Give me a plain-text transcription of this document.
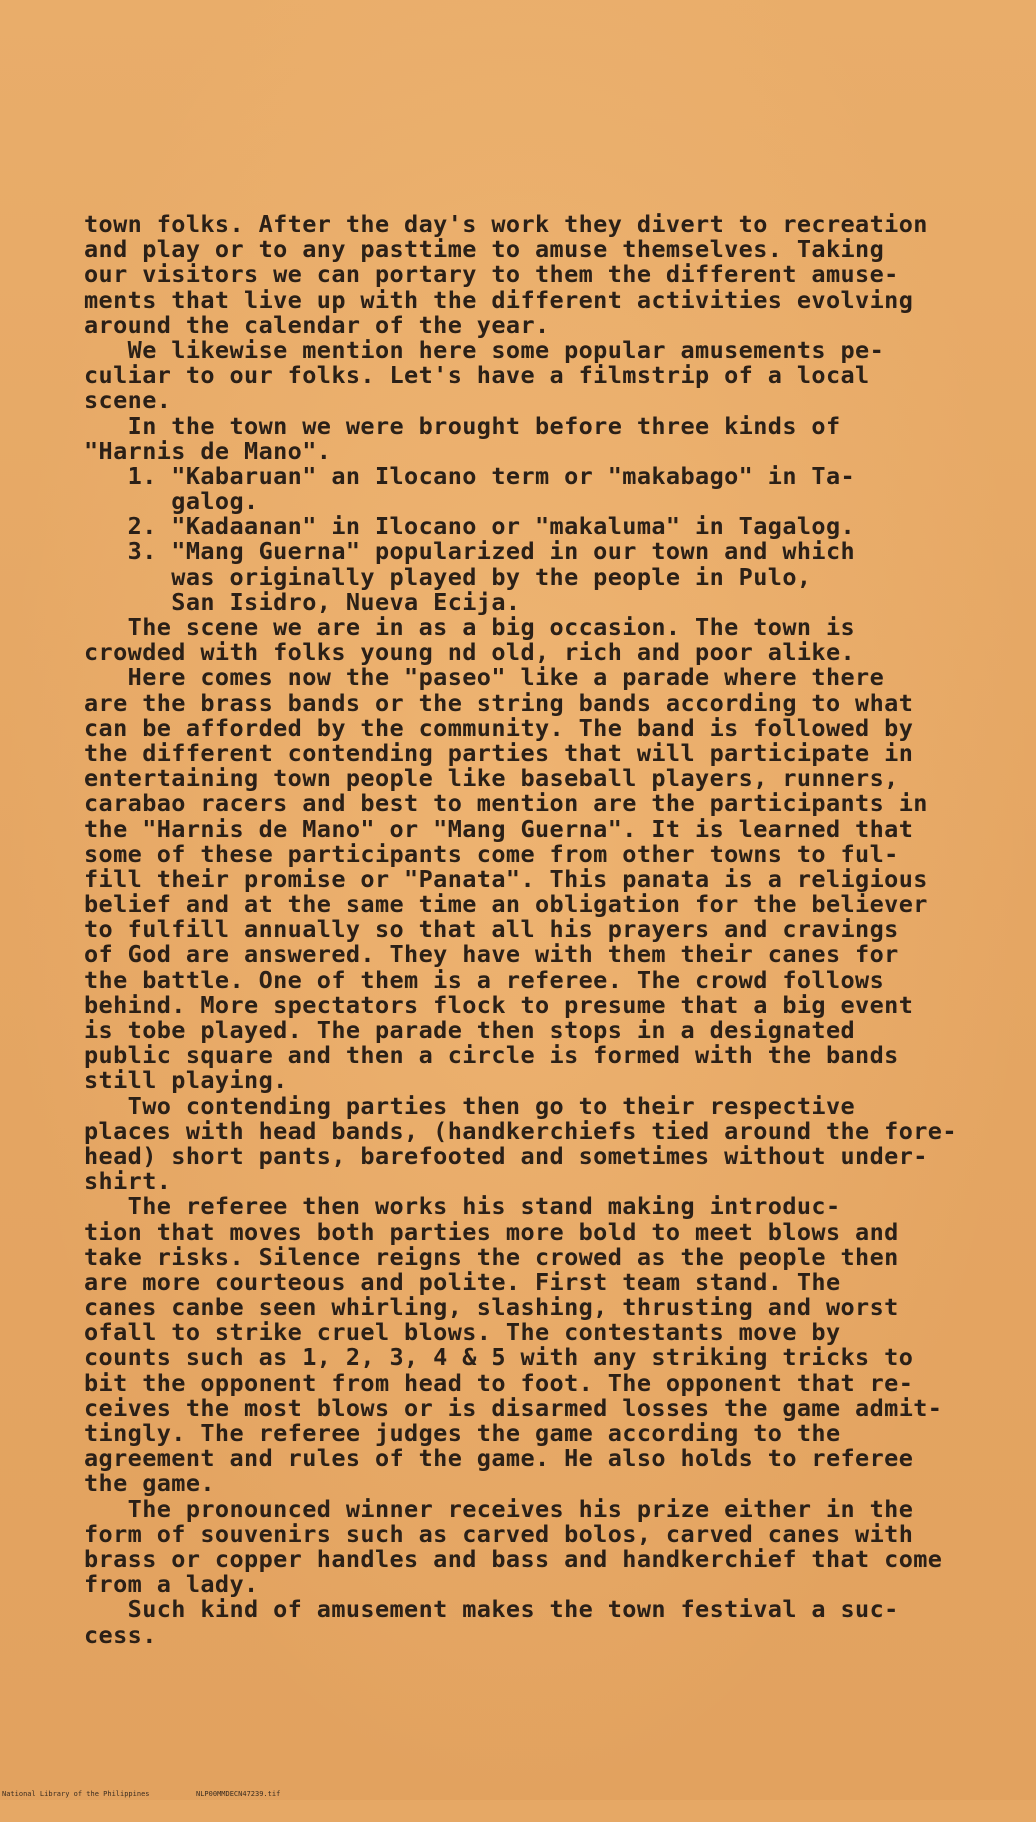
town folks. After the day's work they divert to recreation
and play or to any pasttime to amuse themselves. Taking
our visitors we can portary to them the different amuse-
ments that live up with the different activities evolving
around the calendar of the year.
We likewise mention here some popular amusements pe-
culiar to our folks. Let's have a filmstrip of a local
scene.
In the town we were brought before three kinds of
"Harnis de Mano".
1. "Kabaruan" an Ilocano term or "makabago" in Ta-
galog.
2. "Kadaanan" in Ilocano or "makaluma" in Tagalog.
3. "Mang Guerna" popularized in our town and which
was originally played by the people in Pulo,
San Isidro, Nueva Ecija.
The scene we are in as a big occasion. The town is
crowded with folks young nd old, rich and poor alike.
Here comes now the "paseo" like a parade where there
are the brass bands or the string bands according to what
can be afforded by the community. The band is followed by
the different contending parties that will participate in
entertaining town people like baseball players, runners,
carabao racers and best to mention are the participants in
the "Harnis de Mano" or "Mang Guerna". It is learned that
some of these participants come from other towns to ful-
fill their promise or "Panata". This panata is a religious
belief and at the same time an obligation for the believer
to fulfill annually so that all his prayers and cravings
of God are answered. They have with them their canes for
the battle. One of them is a referee. The crowd follows
behind. More spectators flock to presume that a big event
is tobe played. The parade then stops in a designated
public square and then a circle is formed with the bands
still playing.
Two contending parties then go to their respective
places with head bands, (handkerchiefs tied around the fore-
head) short pants, barefooted and sometimes without under-
shirt.
The referee then works his stand making introduc-
tion that moves both parties more bold to meet blows and
take risks. Silence reigns the crowed as the people then
are more courteous and polite. First team stand. The
canes canbe seen whirling, slashing, thrusting and worst
ofall to strike cruel blows. The contestants move by
counts such as 1, 2, 3, 4 & 5 with any striking tricks to
bit the opponent from head to foot. The opponent that re-
ceives the most blows or is disarmed losses the game admit-
tingly. The referee judges the game according to the
agreement and rules of the game. He also holds to referee
the game.
The pronounced winner receives his prize either in the
form of souvenirs such as carved bolos, carved canes with
brass or copper handles and bass and handkerchief that come
from a lady.
Such kind of amusement makes the town festival a suc-
cess.

National Library of the Philippines

	NLP00MMDECN47239.tif
